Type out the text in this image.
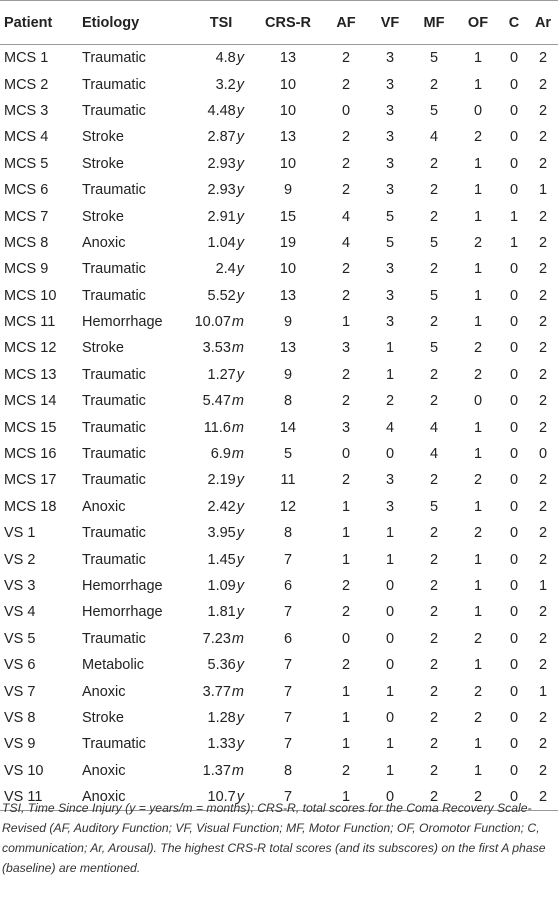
Patient	Etiology	TSI	CRS-R	AF	VF	MF	OF	C	Ar
MCS 1	Traumatic	4.8y	13	2	3	5	1	0	2
MCS 2	Traumatic	3.2y	10	2	3	2	1	0	2
MCS 3	Traumatic	4.48y	10	0	3	5	0	0	2
MCS 4	Stroke	2.87y	13	2	3	4	2	0	2
MCS 5	Stroke	2.93y	10	2	3	2	1	0	2
MCS 6	Traumatic	2.93y	9	2	3	2	1	0	1
MCS 7	Stroke	2.91y	15	4	5	2	1	1	2
MCS 8	Anoxic	1.04y	19	4	5	5	2	1	2
MCS 9	Traumatic	2.4y	10	2	3	2	1	0	2
MCS 10	Traumatic	5.52y	13	2	3	5	1	0	2
MCS 11	Hemorrhage	10.07m	9	1	3	2	1	0	2
MCS 12	Stroke	3.53m	13	3	1	5	2	0	2
MCS 13	Traumatic	1.27y	9	2	1	2	2	0	2
MCS 14	Traumatic	5.47m	8	2	2	2	0	0	2
MCS 15	Traumatic	11.6m	14	3	4	4	1	0	2
MCS 16	Traumatic	6.9m	5	0	0	4	1	0	0
MCS 17	Traumatic	2.19y	11	2	3	2	2	0	2
MCS 18	Anoxic	2.42y	12	1	3	5	1	0	2
VS 1	Traumatic	3.95y	8	1	1	2	2	0	2
VS 2	Traumatic	1.45y	7	1	1	2	1	0	2
VS 3	Hemorrhage	1.09y	6	2	0	2	1	0	1
VS 4	Hemorrhage	1.81y	7	2	0	2	1	0	2
VS 5	Traumatic	7.23m	6	0	0	2	2	0	2
VS 6	Metabolic	5.36y	7	2	0	2	1	0	2
VS 7	Anoxic	3.77m	7	1	1	2	2	0	1
VS 8	Stroke	1.28y	7	1	0	2	2	0	2
VS 9	Traumatic	1.33y	7	1	1	2	1	0	2
VS 10	Anoxic	1.37m	8	2	1	2	1	0	2
VS 11	Anoxic	10.7y	7	1	0	2	2	0	2
TSI, Time Since Injury (y = years/m = months); CRS-R, total scores for the Coma Recovery Scale-Revised (AF, Auditory Function; VF, Visual Function; MF, Motor Function; OF, Oromotor Function; C, communication; Ar, Arousal). The highest CRS-R total scores (and its subscores) on the first A phase (baseline) are mentioned.
